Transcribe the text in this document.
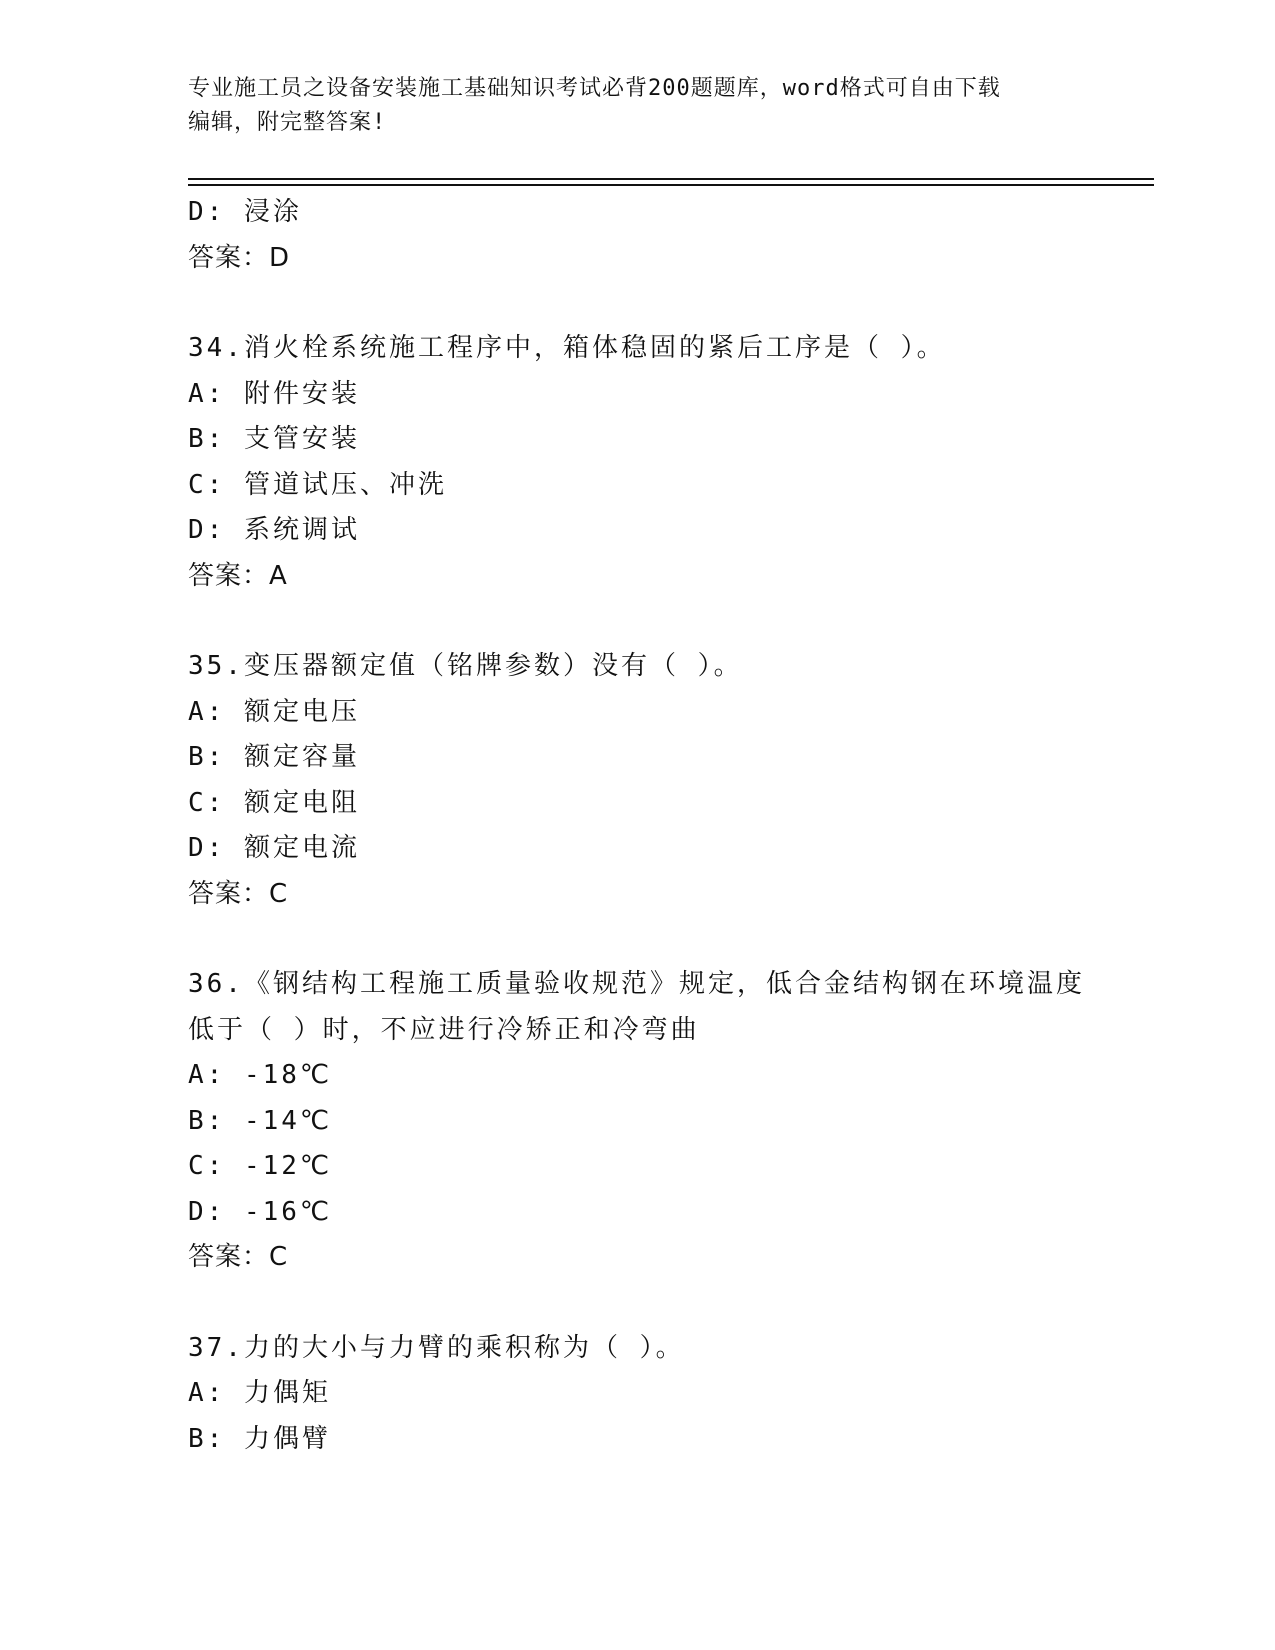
专业施工员之设备安装施工基础知识考试必背200题题库，word格式可自由下载
编辑，附完整答案!
D: 浸涂
答案：D
34.消火栓系统施工程序中，箱体稳固的紧后工序是（ ）。
A: 附件安装
B: 支管安装
C: 管道试压、冲洗
D: 系统调试
答案：A
35.变压器额定值（铭牌参数）没有（ ）。
A: 额定电压
B: 额定容量
C: 额定电阻
D: 额定电流
答案：C
36.《钢结构工程施工质量验收规范》规定，低合金结构钢在环境温度
低于（ ）时，不应进行冷矫正和冷弯曲
A: -18℃
B: -14℃
C: -12℃
D: -16℃
答案：C
37.力的大小与力臂的乘积称为（ ）。
A: 力偶矩
B: 力偶臂
